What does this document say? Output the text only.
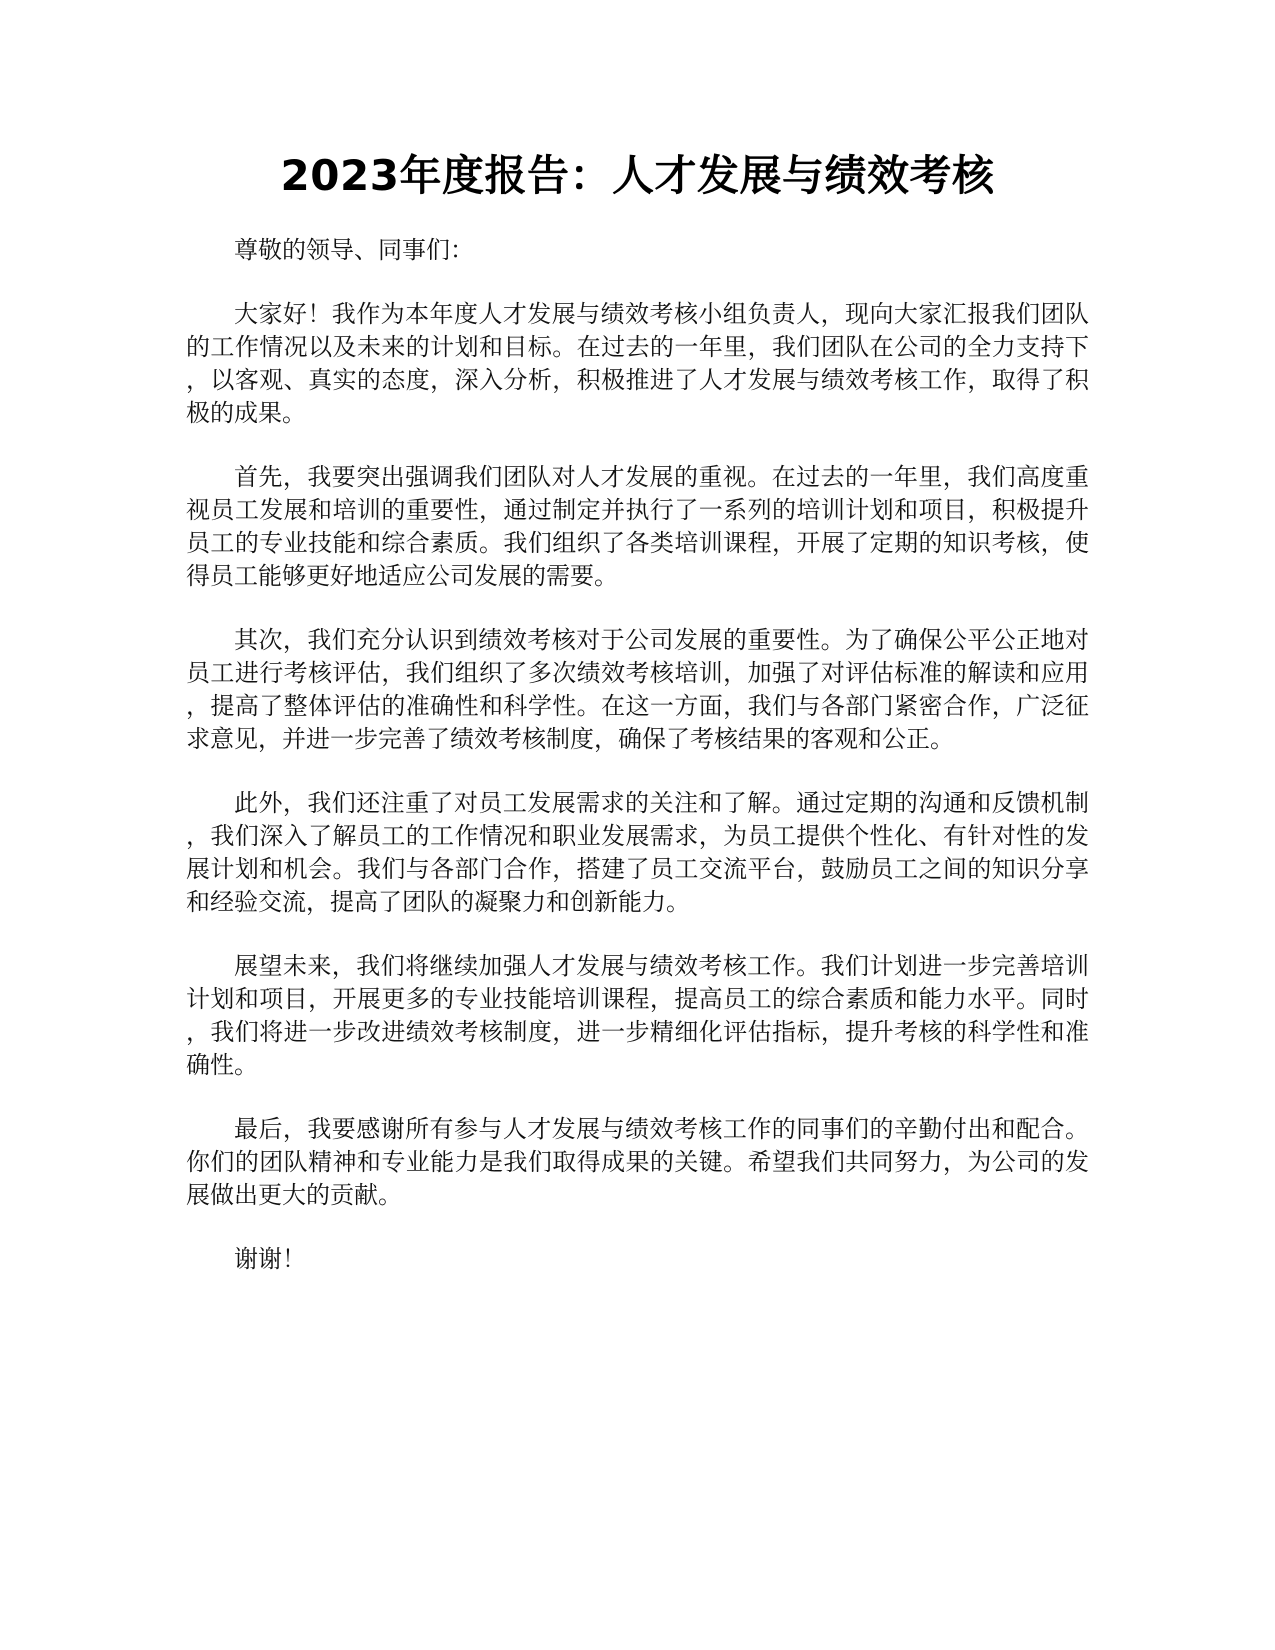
2023年度报告：人才发展与绩效考核

尊敬的领导、同事们：

大家好！我作为本年度人才发展与绩效考核小组负责人，现向大家汇报我们团队的工作情况以及未来的计划和目标。在过去的一年里，我们团队在公司的全力支持下，以客观、真实的态度，深入分析，积极推进了人才发展与绩效考核工作，取得了积极的成果。

首先，我要突出强调我们团队对人才发展的重视。在过去的一年里，我们高度重视员工发展和培训的重要性，通过制定并执行了一系列的培训计划和项目，积极提升员工的专业技能和综合素质。我们组织了各类培训课程，开展了定期的知识考核，使得员工能够更好地适应公司发展的需要。

其次，我们充分认识到绩效考核对于公司发展的重要性。为了确保公平公正地对员工进行考核评估，我们组织了多次绩效考核培训，加强了对评估标准的解读和应用，提高了整体评估的准确性和科学性。在这一方面，我们与各部门紧密合作，广泛征求意见，并进一步完善了绩效考核制度，确保了考核结果的客观和公正。

此外，我们还注重了对员工发展需求的关注和了解。通过定期的沟通和反馈机制，我们深入了解员工的工作情况和职业发展需求，为员工提供个性化、有针对性的发展计划和机会。我们与各部门合作，搭建了员工交流平台，鼓励员工之间的知识分享和经验交流，提高了团队的凝聚力和创新能力。

展望未来，我们将继续加强人才发展与绩效考核工作。我们计划进一步完善培训计划和项目，开展更多的专业技能培训课程，提高员工的综合素质和能力水平。同时，我们将进一步改进绩效考核制度，进一步精细化评估指标，提升考核的科学性和准确性。

最后，我要感谢所有参与人才发展与绩效考核工作的同事们的辛勤付出和配合。你们的团队精神和专业能力是我们取得成果的关键。希望我们共同努力，为公司的发展做出更大的贡献。

谢谢！
